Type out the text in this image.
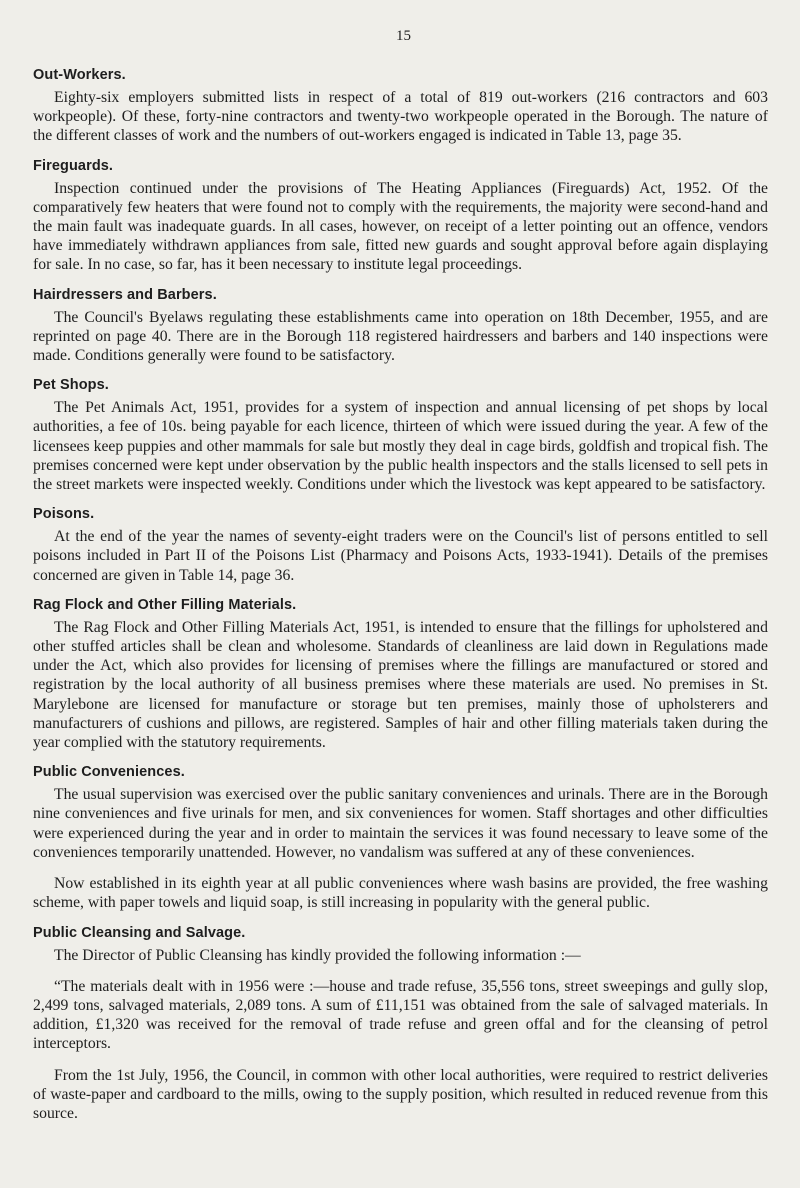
15
Out-Workers.

Eighty-six employers submitted lists in respect of a total of 819 out-workers (216 contractors and 603 workpeople). Of these, forty-nine contractors and twenty-two workpeople operated in the Borough. The nature of the different classes of work and the numbers of out-workers engaged is indicated in Table 13, page 35.

Fireguards.

Inspection continued under the provisions of The Heating Appliances (Fireguards) Act, 1952. Of the comparatively few heaters that were found not to comply with the requirements, the majority were second-hand and the main fault was inadequate guards. In all cases, however, on receipt of a letter pointing out an offence, vendors have immediately withdrawn appliances from sale, fitted new guards and sought approval before again displaying for sale. In no case, so far, has it been necessary to institute legal proceedings.

Hairdressers and Barbers.

The Council's Byelaws regulating these establishments came into operation on 18th December, 1955, and are reprinted on page 40. There are in the Borough 118 registered hairdressers and barbers and 140 inspections were made. Conditions generally were found to be satisfactory.

Pet Shops.

The Pet Animals Act, 1951, provides for a system of inspection and annual licensing of pet shops by local authorities, a fee of 10s. being payable for each licence, thirteen of which were issued during the year. A few of the licensees keep puppies and other mammals for sale but mostly they deal in cage birds, goldfish and tropical fish. The premises concerned were kept under observation by the public health inspectors and the stalls licensed to sell pets in the street markets were inspected weekly. Conditions under which the livestock was kept appeared to be satisfactory.

Poisons.

At the end of the year the names of seventy-eight traders were on the Council's list of persons entitled to sell poisons included in Part II of the Poisons List (Pharmacy and Poisons Acts, 1933-1941). Details of the premises concerned are given in Table 14, page 36.

Rag Flock and Other Filling Materials.

The Rag Flock and Other Filling Materials Act, 1951, is intended to ensure that the fillings for upholstered and other stuffed articles shall be clean and wholesome. Standards of cleanliness are laid down in Regulations made under the Act, which also provides for licensing of premises where the fillings are manufactured or stored and registration by the local authority of all business premises where these materials are used. No premises in St. Marylebone are licensed for manufacture or storage but ten premises, mainly those of upholsterers and manufacturers of cushions and pillows, are registered. Samples of hair and other filling materials taken during the year complied with the statutory requirements.

Public Conveniences.

The usual supervision was exercised over the public sanitary conveniences and urinals. There are in the Borough nine conveniences and five urinals for men, and six conveniences for women. Staff shortages and other difficulties were experienced during the year and in order to maintain the services it was found necessary to leave some of the conveniences temporarily unattended. However, no vandalism was suffered at any of these conveniences.

Now established in its eighth year at all public conveniences where wash basins are provided, the free washing scheme, with paper towels and liquid soap, is still increasing in popularity with the general public.

Public Cleansing and Salvage.

The Director of Public Cleansing has kindly provided the following information :—

“The materials dealt with in 1956 were :—house and trade refuse, 35,556 tons, street sweepings and gully slop, 2,499 tons, salvaged materials, 2,089 tons. A sum of £11,151 was obtained from the sale of salvaged materials. In addition, £1,320 was received for the removal of trade refuse and green offal and for the cleansing of petrol interceptors.

From the 1st July, 1956, the Council, in common with other local authorities, were required to restrict deliveries of waste-paper and cardboard to the mills, owing to the supply position, which resulted in reduced revenue from this source.
